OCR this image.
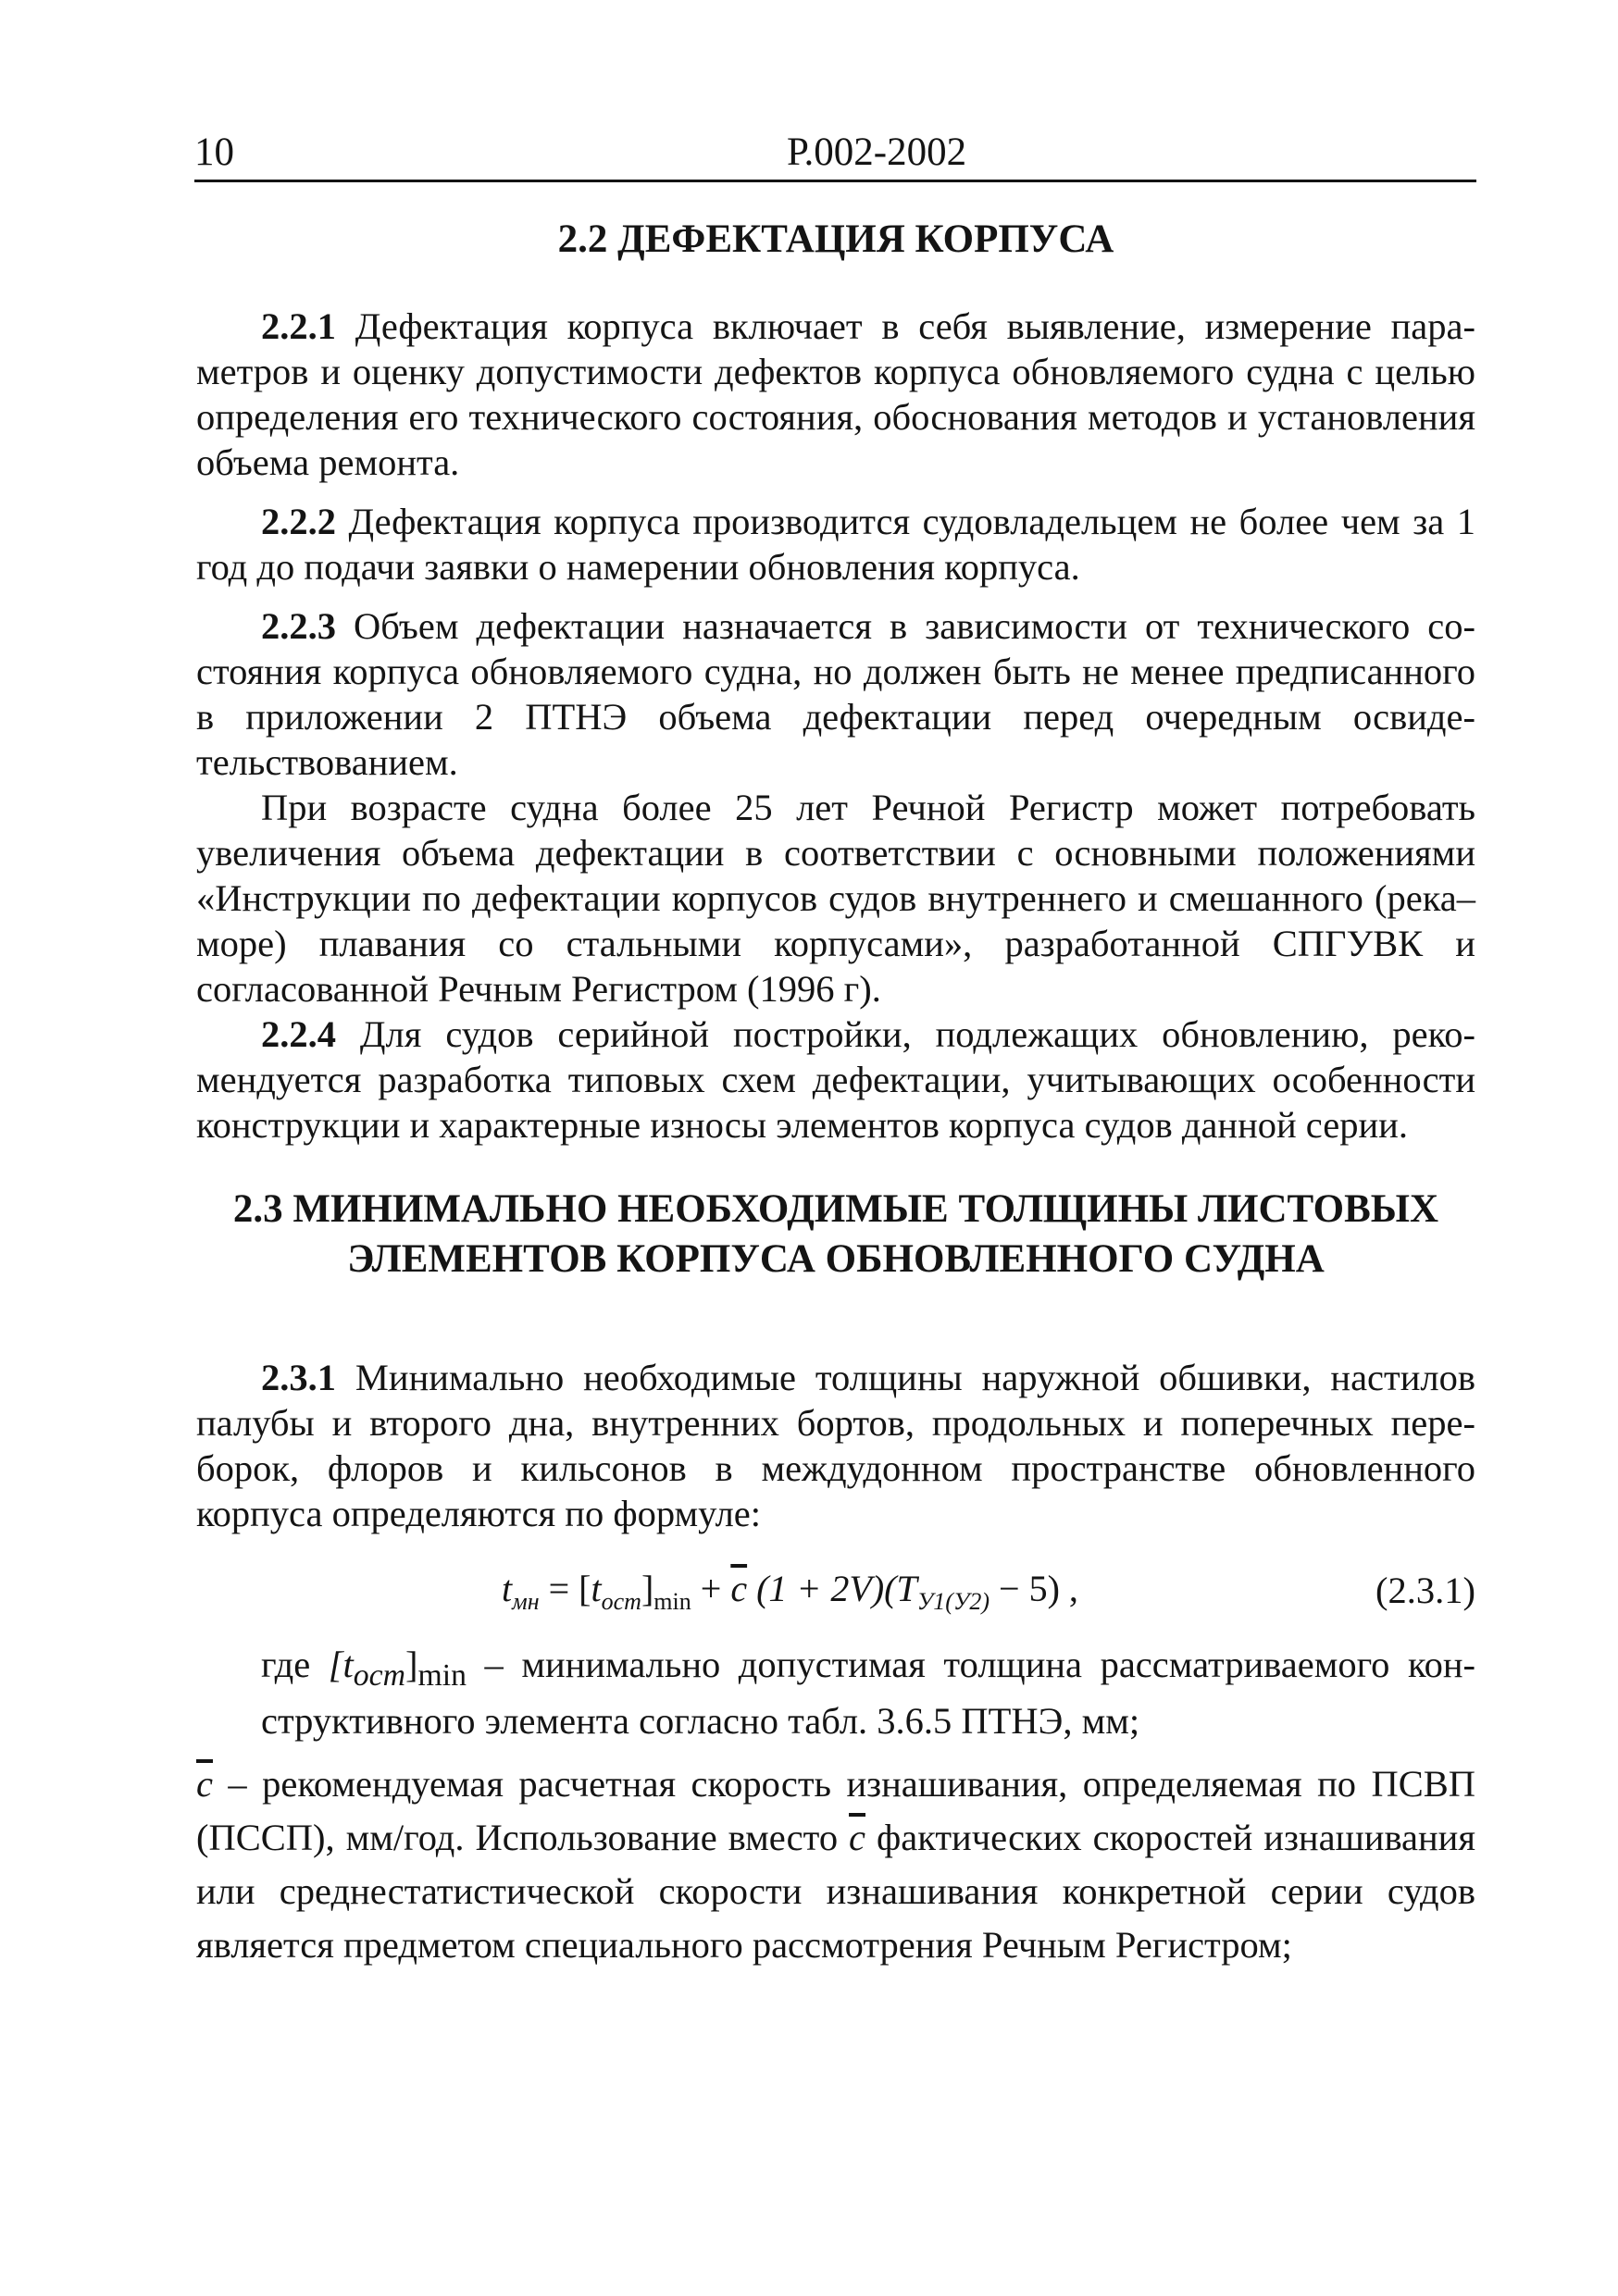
10	Р.002-2002
2.2 ДЕФЕКТАЦИЯ КОРПУСА

2.2.1 Дефектация корпуса включает в себя выявление, измерение параметров и оценку допустимости дефектов корпуса обновляемого судна с целью определения его технического состояния, обоснования методов и установления объема ремонта.

2.2.2 Дефектация корпуса производится судовладельцем не более чем за 1 год до подачи заявки о намерении обновления корпуса.

2.2.3 Объем дефектации назначается в зависимости от технического состояния корпуса обновляемого судна, но должен быть не менее предписанного в приложении 2 ПТНЭ объема дефектации перед очередным освидетельствованием.

При возрасте судна более 25 лет Речной Регистр может потребовать увеличения объема дефектации в соответствии с основными положениями «Инструкции по дефектации корпусов судов внутреннего и смешанного (река–море) плавания со стальными корпусами», разработанной СПГУВК и согласованной Речным Регистром (1996 г).

2.2.4 Для судов серийной постройки, подлежащих обновлению, рекомендуется разработка типовых схем дефектации, учитывающих особенности конструкции и характерные износы элементов корпуса судов данной серии.

2.3 МИНИМАЛЬНО НЕОБХОДИМЫЕ ТОЛЩИНЫ ЛИСТОВЫХ
ЭЛЕМЕНТОВ КОРПУСА ОБНОВЛЕННОГО СУДНА

2.3.1 Минимально необходимые толщины наружной обшивки, настилов палубы и второго дна, внутренних бортов, продольных и поперечных переборок, флоров и кильсонов в междудонном пространстве обновленного корпуса определяются по формуле:

$t_{мн} = [t_{ост}]_{min} + \overline{c}$ $(1 + 2V)(T_{У1(У2)} - 5)$ ,	(2.3.1)

где $[t_{ост}]_{min}$ – минимально допустимая толщина рассматриваемого конструктивного элемента согласно табл. 3.6.5 ПТНЭ, мм;

$\overline{c}$ – рекомендуемая расчетная скорость изнашивания, определяемая по ПСВП (ПССП), мм/год. Использование вместо $\overline{c}$ фактических скоростей изнашивания или среднестатистической скорости изнашивания конкретной серии судов является предметом специального рассмотрения Речным Регистром;
